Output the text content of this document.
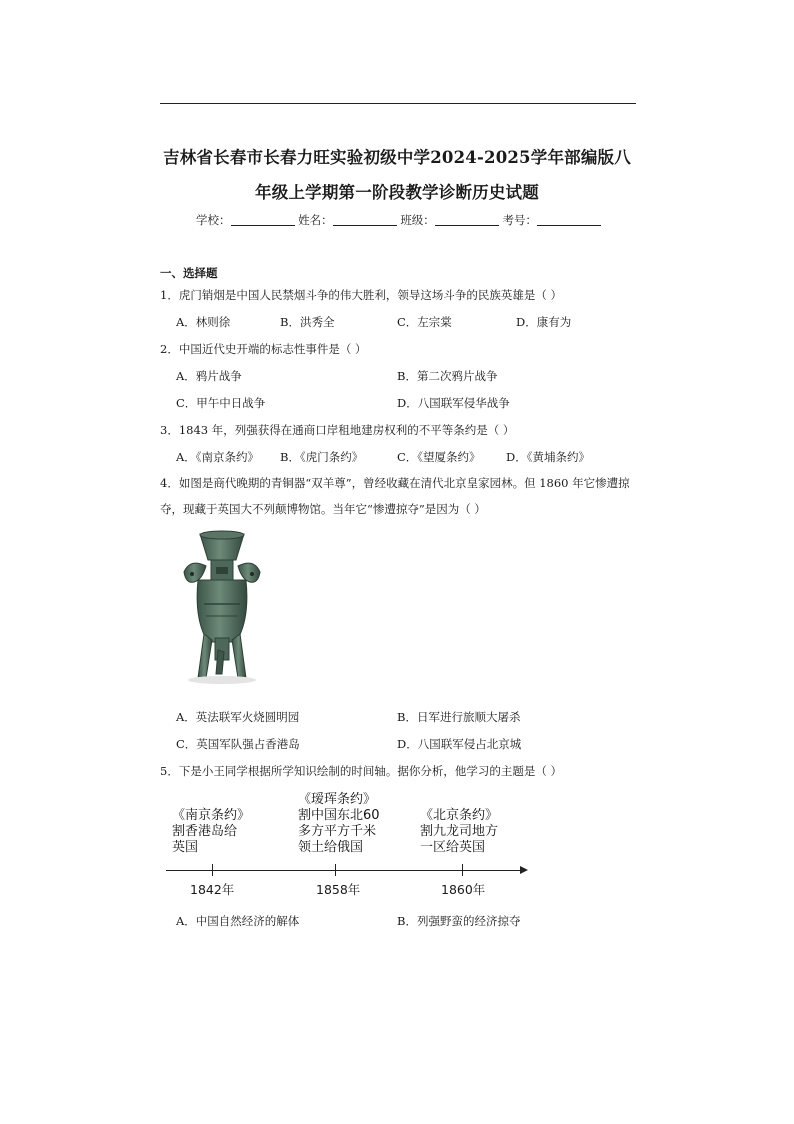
吉林省长春市长春力旺实验初级中学2024-2025学年部编版八
年级上学期第一阶段教学诊断历史试题
学校：	姓名：	班级：	考号：
一、选择题
1．虎门销烟是中国人民禁烟斗争的伟大胜利，领导这场斗争的民族英雄是（ ）
A．林则徐	B．洪秀全	C．左宗棠	D．康有为
2．中国近代史开端的标志性事件是（ ）
A．鸦片战争	B．第二次鸦片战争
C．甲午中日战争	D．八国联军侵华战争
3．1843 年，列强获得在通商口岸租地建房权利的不平等条约是（ ）
A．《南京条约》 B．《虎门条约》	C．《望厦条约》 D．《黄埔条约》
4．如图是商代晚期的青铜器“双羊尊”，曾经收藏在清代北京皇家园林。但 1860 年它惨遭掠夺，现藏于英国大不列颠博物馆。当年它“惨遭掠夺”是因为（ ）
A．英法联军火烧圆明园	B．日军进行旅顺大屠杀
C．英国军队强占香港岛	D．八国联军侵占北京城
5．下是小王同学根据所学知识绘制的时间轴。据你分析，他学习的主题是（ ）
《南京条约》
割香港岛给
英国
《瑷珲条约》
割中国东北60
多方平方千米
领土给俄国
《北京条约》
割九龙司地方
一区给英国
1842年	1858年	1860年
A．中国自然经济的解体	B．列强野蛮的经济掠夺
